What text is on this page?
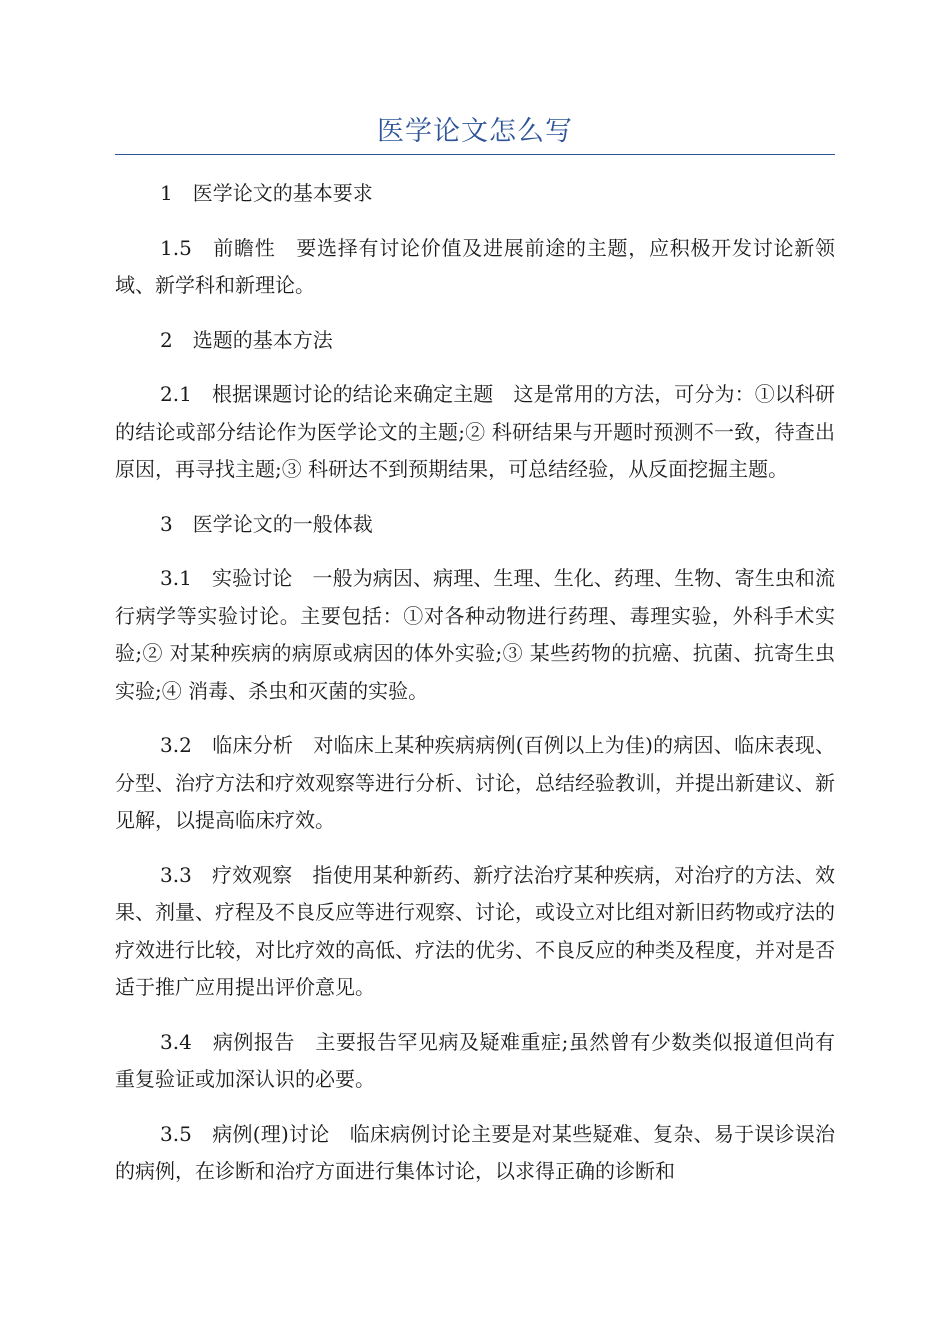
医学论文怎么写

1　医学论文的基本要求

1.5　前瞻性　要选择有讨论价值及进展前途的主题，应积极开发讨论新领域、新学科和新理论。

2　选题的基本方法

2.1　根据课题讨论的结论来确定主题　这是常用的方法，可分为：①以科研的结论或部分结论作为医学论文的主题;② 科研结果与开题时预测不一致，待查出原因，再寻找主题;③ 科研达不到预期结果，可总结经验，从反面挖掘主题。

3　医学论文的一般体裁

3.1　实验讨论　一般为病因、病理、生理、生化、药理、生物、寄生虫和流行病学等实验讨论。主要包括：①对各种动物进行药理、毒理实验，外科手术实验;② 对某种疾病的病原或病因的体外实验;③ 某些药物的抗癌、抗菌、抗寄生虫实验;④ 消毒、杀虫和灭菌的实验。

3.2　临床分析　对临床上某种疾病病例(百例以上为佳)的病因、临床表现、分型、治疗方法和疗效观察等进行分析、讨论，总结经验教训，并提出新建议、新见解，以提高临床疗效。

3.3　疗效观察　指使用某种新药、新疗法治疗某种疾病，对治疗的方法、效果、剂量、疗程及不良反应等进行观察、讨论，或设立对比组对新旧药物或疗法的疗效进行比较，对比疗效的高低、疗法的优劣、不良反应的种类及程度，并对是否适于推广应用提出评价意见。

3.4　病例报告　主要报告罕见病及疑难重症;虽然曾有少数类似报道但尚有重复验证或加深认识的必要。

3.5　病例(理)讨论　临床病例讨论主要是对某些疑难、复杂、易于误诊误治的病例，在诊断和治疗方面进行集体讨论，以求得正确的诊断和
